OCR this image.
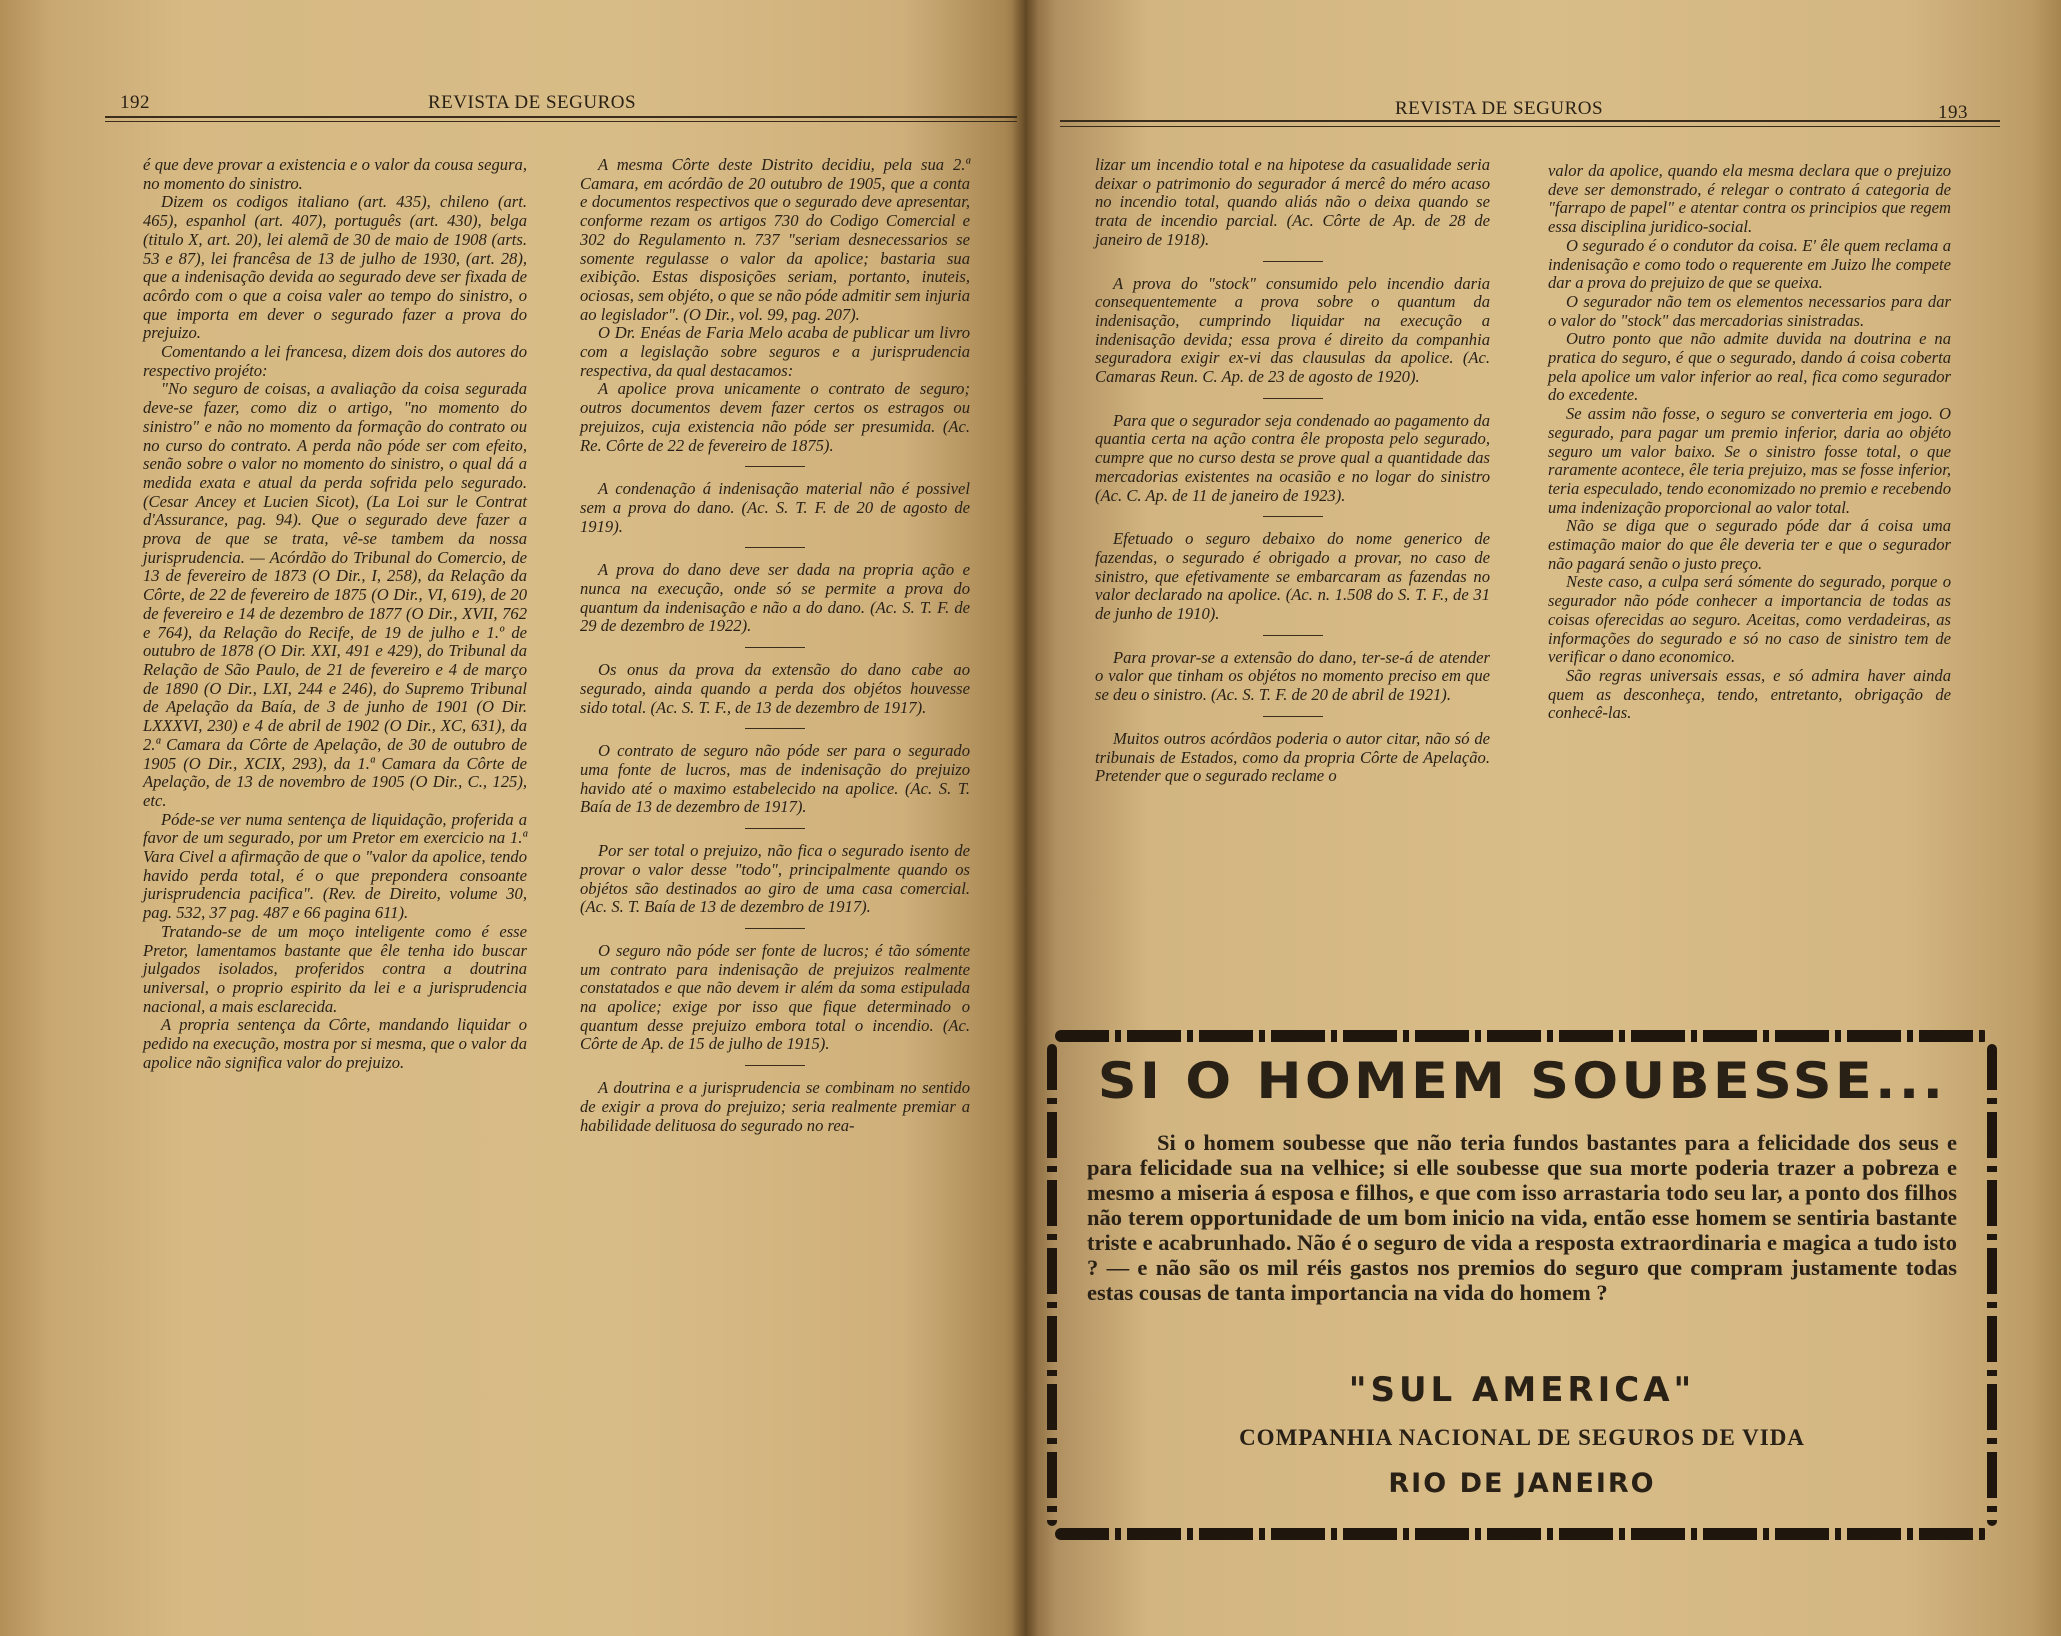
192	REVISTA DE SEGUROS	REVISTA DE SEGUROS	193

é que deve provar a existencia e o valor da cousa segura, no momento do sinistro.

Dizem os codigos italiano (art. 435), chileno (art. 465), espanhol (art. 407), português (art. 430), belga (titulo X, art. 20), lei alemã de 30 de maio de 1908 (arts. 53 e 87), lei francêsa de 13 de julho de 1930, (art. 28), que a indenisação devida ao segurado deve ser fixada de acôrdo com o que a coisa valer ao tempo do sinistro, o que importa em dever o segurado fazer a prova do prejuizo.

Comentando a lei francesa, dizem dois dos autores do respectivo projéto:

"No seguro de coisas, a avaliação da coisa segurada deve-se fazer, como diz o artigo, "no momento do sinistro" e não no momento da formação do contrato ou no curso do contrato. A perda não póde ser com efeito, senão sobre o valor no momento do sinistro, o qual dá a medida exata e atual da perda sofrida pelo segurado. (Cesar Ancey et Lucien Sicot), (La Loi sur le Contrat d'Assurance, pag. 94). Que o segurado deve fazer a prova de que se trata, vê-se tambem da nossa jurisprudencia. — Acórdão do Tribunal do Comercio, de 13 de fevereiro de 1873 (O Dir., I, 258), da Relação da Côrte, de 22 de fevereiro de 1875 (O Dir., VI, 619), de 20 de fevereiro e 14 de dezembro de 1877 (O Dir., XVII, 762 e 764), da Relação do Recife, de 19 de julho e 1.º de outubro de 1878 (O Dir. XXI, 491 e 429), do Tribunal da Relação de São Paulo, de 21 de fevereiro e 4 de março de 1890 (O Dir., LXI, 244 e 246), do Supremo Tribunal de Apelação da Baía, de 3 de junho de 1901 (O Dir. LXXXVI, 230) e 4 de abril de 1902 (O Dir., XC, 631), da 2.ª Camara da Côrte de Apelação, de 30 de outubro de 1905 (O Dir., XCIX, 293), da 1.ª Camara da Côrte de Apelação, de 13 de novembro de 1905 (O Dir., C., 125), etc.

Póde-se ver numa sentença de liquidação, proferida a favor de um segurado, por um Pretor em exercicio na 1.ª Vara Civel a afirmação de que o "valor da apolice, tendo havido perda total, é o que prepondera consoante jurisprudencia pacifica". (Rev. de Direito, volume 30, pag. 532, 37 pag. 487 e 66 pagina 611).

Tratando-se de um moço inteligente como é esse Pretor, lamentamos bastante que êle tenha ido buscar julgados isolados, proferidos contra a doutrina universal, o proprio espirito da lei e a jurisprudencia nacional, a mais esclarecida.

A propria sentença da Côrte, mandando liquidar o pedido na execução, mostra por si mesma, que o valor da apolice não significa valor do prejuizo.

A mesma Côrte deste Distrito decidiu, pela sua 2.ª Camara, em acórdão de 20 outubro de 1905, que a conta e documentos respectivos que o segurado deve apresentar, conforme rezam os artigos 730 do Codigo Comercial e 302 do Regulamento n. 737 "seriam desnecessarios se somente regulasse o valor da apolice; bastaria sua exibição. Estas disposições seriam, portanto, inuteis, ociosas, sem objéto, o que se não póde admitir sem injuria ao legislador". (O Dir., vol. 99, pag. 207).

O Dr. Enéas de Faria Melo acaba de publicar um livro com a legislação sobre seguros e a jurisprudencia respectiva, da qual destacamos:

A apolice prova unicamente o contrato de seguro; outros documentos devem fazer certos os estragos ou prejuizos, cuja existencia não póde ser presumida. (Ac. Re. Côrte de 22 de fevereiro de 1875).

A condenação á indenisação material não é possivel sem a prova do dano. (Ac. S. T. F. de 20 de agosto de 1919).

A prova do dano deve ser dada na propria ação e nunca na execução, onde só se permite a prova do quantum da indenisação e não a do dano. (Ac. S. T. F. de 29 de dezembro de 1922).

Os onus da prova da extensão do dano cabe ao segurado, ainda quando a perda dos objétos houvesse sido total. (Ac. S. T. F., de 13 de dezembro de 1917).

O contrato de seguro não póde ser para o segurado uma fonte de lucros, mas de indenisação do prejuizo havido até o maximo estabelecido na apolice. (Ac. S. T. Baía de 13 de dezembro de 1917).

Por ser total o prejuizo, não fica o segurado isento de provar o valor desse "todo", principalmente quando os objétos são destinados ao giro de uma casa comercial. (Ac. S. T. Baía de 13 de dezembro de 1917).

O seguro não póde ser fonte de lucros; é tão sómente um contrato para indenisação de prejuizos realmente constatados e que não devem ir além da soma estipulada na apolice; exige por isso que fique determinado o quantum desse prejuizo embora total o incendio. (Ac. Côrte de Ap. de 15 de julho de 1915).

A doutrina e a jurisprudencia se combinam no sentido de exigir a prova do prejuizo; seria realmente premiar a habilidade delituosa do segurado no rea-

lizar um incendio total e na hipotese da casualidade seria deixar o patrimonio do segurador á mercê do méro acaso no incendio total, quando aliás não o deixa quando se trata de incendio parcial. (Ac. Côrte de Ap. de 28 de janeiro de 1918).

A prova do "stock" consumido pelo incendio daria consequentemente a prova sobre o quantum da indenisação, cumprindo liquidar na execução a indenisação devida; essa prova é direito da companhia seguradora exigir ex-vi das clausulas da apolice. (Ac. Camaras Reun. C. Ap. de 23 de agosto de 1920).

Para que o segurador seja condenado ao pagamento da quantia certa na ação contra êle proposta pelo segurado, cumpre que no curso desta se prove qual a quantidade das mercadorias existentes na ocasião e no logar do sinistro (Ac. C. Ap. de 11 de janeiro de 1923).

Efetuado o seguro debaixo do nome generico de fazendas, o segurado é obrigado a provar, no caso de sinistro, que efetivamente se embarcaram as fazendas no valor declarado na apolice. (Ac. n. 1.508 do S. T. F., de 31 de junho de 1910).

Para provar-se a extensão do dano, ter-se-á de atender o valor que tinham os objétos no momento preciso em que se deu o sinistro. (Ac. S. T. F. de 20 de abril de 1921).

Muitos outros acórdãos poderia o autor citar, não só de tribunais de Estados, como da propria Côrte de Apelação. Pretender que o segurado reclame o

valor da apolice, quando ela mesma declara que o prejuizo deve ser demonstrado, é relegar o contrato á categoria de "farrapo de papel" e atentar contra os principios que regem essa disciplina juridico-social.

O segurado é o condutor da coisa. E' êle quem reclama a indenisação e como todo o requerente em Juizo lhe compete dar a prova do prejuizo de que se queixa.

O segurador não tem os elementos necessarios para dar o valor do "stock" das mercadorias sinistradas.

Outro ponto que não admite duvida na doutrina e na pratica do seguro, é que o segurado, dando á coisa coberta pela apolice um valor inferior ao real, fica como segurador do excedente.

Se assim não fosse, o seguro se converteria em jogo. O segurado, para pagar um premio inferior, daria ao objéto seguro um valor baixo. Se o sinistro fosse total, o que raramente acontece, êle teria prejuizo, mas se fosse inferior, teria especulado, tendo economizado no premio e recebendo uma indenização proporcional ao valor total.

Não se diga que o segurado póde dar á coisa uma estimação maior do que êle deveria ter e que o segurador não pagará senão o justo preço.

Neste caso, a culpa será sómente do segurado, porque o segurador não póde conhecer a importancia de todas as coisas oferecidas ao seguro. Aceitas, como verdadeiras, as informações do segurado e só no caso de sinistro tem de verificar o dano economico.

São regras universais essas, e só admira haver ainda quem as desconheça, tendo, entretanto, obrigação de conhecê-las.

SI O HOMEM SOUBESSE...

Si o homem soubesse que não teria fundos bastantes para a felicidade dos seus e para felicidade sua na velhice; si elle soubesse que sua morte poderia trazer a pobreza e mesmo a miseria á esposa e filhos, e que com isso arrastaria todo seu lar, a ponto dos filhos não terem opportunidade de um bom inicio na vida, então esse homem se sentiria bastante triste e acabrunhado. Não é o seguro de vida a resposta extraordinaria e magica a tudo isto ? — e não são os mil réis gastos nos premios do seguro que compram justamente todas estas cousas de tanta importancia na vida do homem ?

"SUL AMERICA"
COMPANHIA NACIONAL DE SEGUROS DE VIDA
RIO DE JANEIRO
